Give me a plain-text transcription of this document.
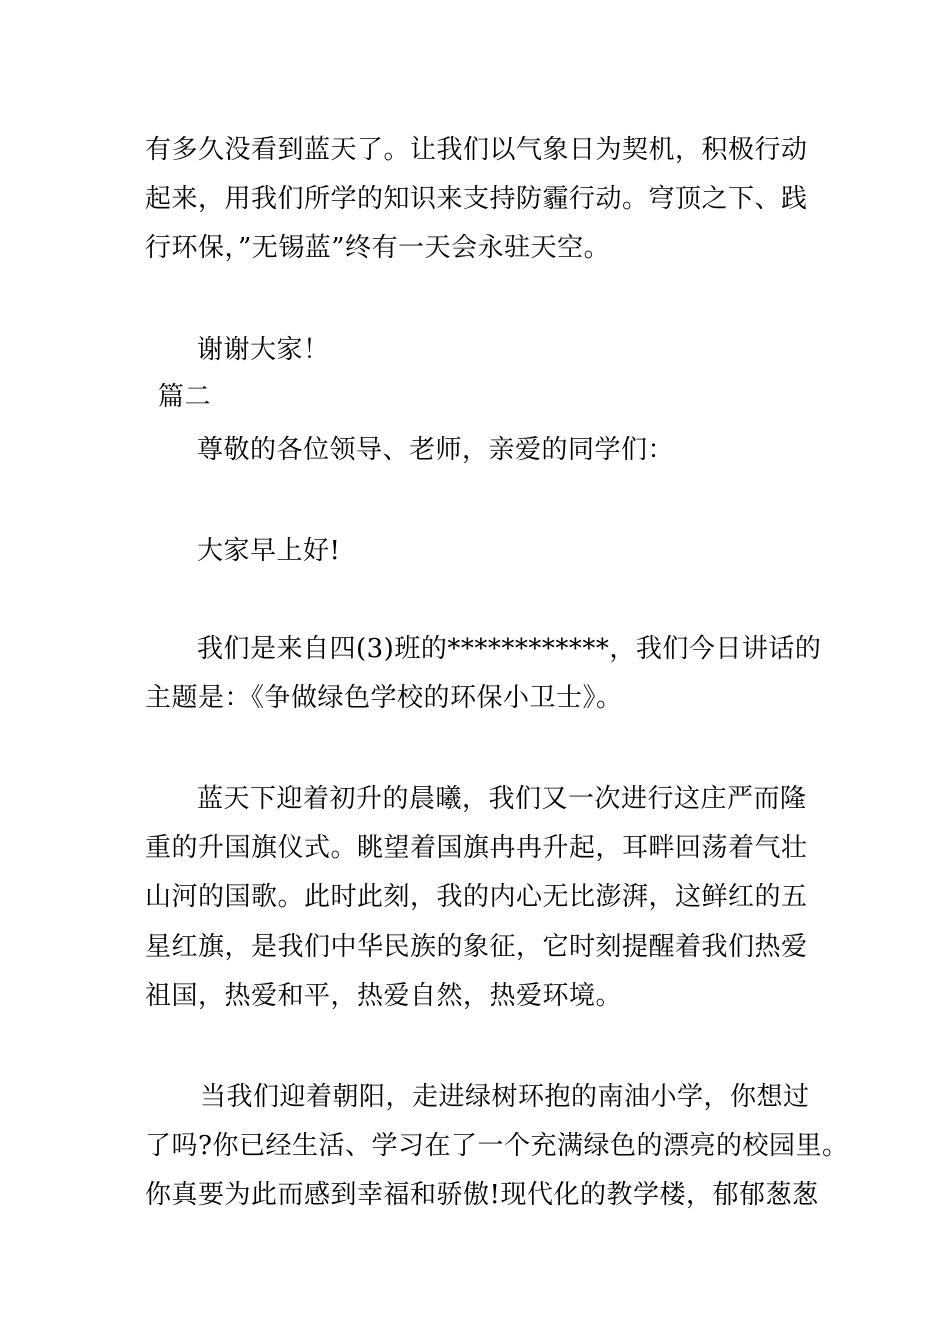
有多久没看到蓝天了。让我们以气象日为契机，积极行动
起来，用我们所学的知识来支持防霾行动。穹顶之下、践
行环保，”无锡蓝”终有一天会永驻天空。
谢谢大家！
篇二
尊敬的各位领导、老师，亲爱的同学们：
大家早上好!
我们是来自四(3)班的************，我们今日讲话的
主题是：《争做绿色学校的环保小卫士》。
蓝天下迎着初升的晨曦，我们又一次进行这庄严而隆
重的升国旗仪式。眺望着国旗冉冉升起，耳畔回荡着气壮
山河的国歌。此时此刻，我的内心无比澎湃，这鲜红的五
星红旗，是我们中华民族的象征，它时刻提醒着我们热爱
祖国，热爱和平，热爱自然，热爱环境。
当我们迎着朝阳，走进绿树环抱的南油小学，你想过
了吗?你已经生活、学习在了一个充满绿色的漂亮的校园里。
你真要为此而感到幸福和骄傲!现代化的教学楼，郁郁葱葱
